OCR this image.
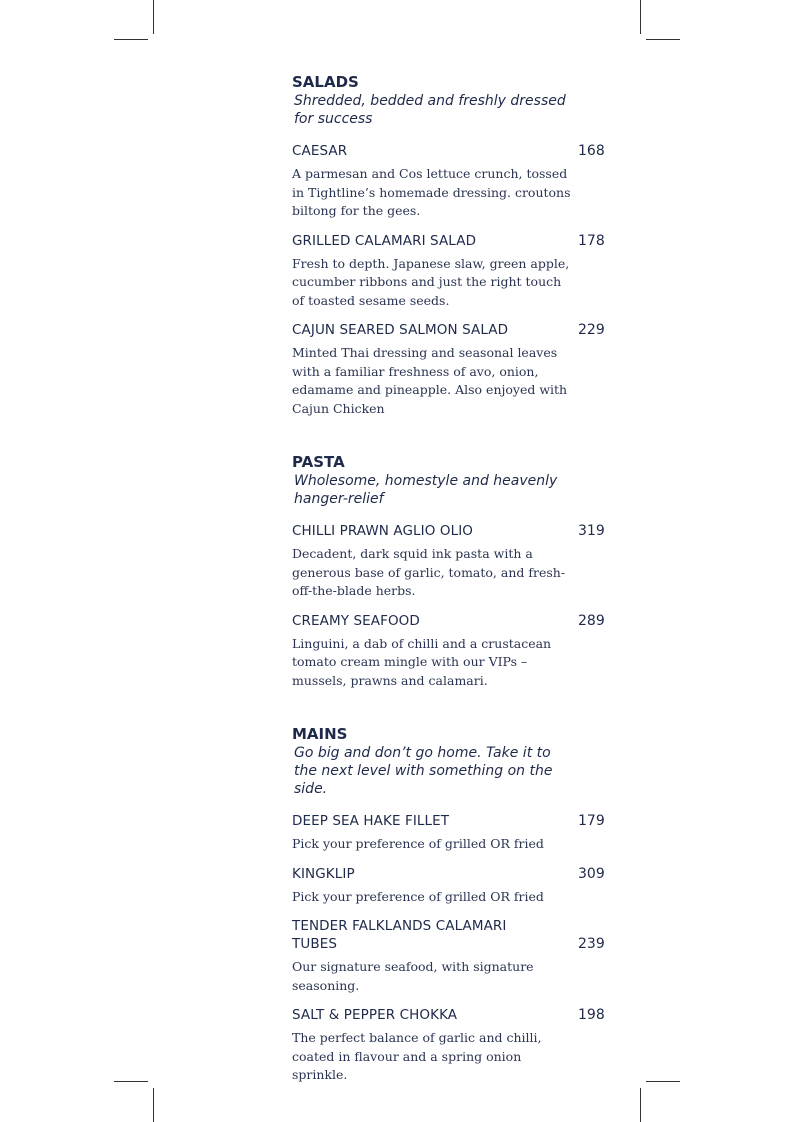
SALADS

Shredded, bedded and freshly dressed
for success

CAESAR	168
A parmesan and Cos lettuce crunch, tossed in Tightline’s homemade dressing. croutons biltong for the gees.
GRILLED CALAMARI SALAD	178
Fresh to depth. Japanese slaw, green apple, cucumber ribbons and just the right touch of toasted sesame seeds.
CAJUN SEARED SALMON SALAD	229
Minted Thai dressing and seasonal leaves with a familiar freshness of avo, onion, edamame and pineapple. Also enjoyed with Cajun Chicken
PASTA

Wholesome, homestyle and heavenly
hanger-relief

CHILLI PRAWN AGLIO OLIO	319
Decadent, dark squid ink pasta with a generous base of garlic, tomato, and fresh-off-the-blade herbs.
CREAMY SEAFOOD	289
Linguini, a dab of chilli and a crustacean tomato cream mingle with our VIPs – mussels, prawns and calamari.
MAINS

Go big and don’t go home. Take it to
the next level with something on the
side.

DEEP SEA HAKE FILLET	179
Pick your preference of grilled OR fried
KINGKLIP	309
Pick your preference of grilled OR fried
TENDER FALKLANDS CALAMARI TUBES	239
Our signature seafood, with signature seasoning.
SALT & PEPPER CHOKKA	198
The perfect balance of garlic and chilli, coated in flavour and a spring onion sprinkle.
